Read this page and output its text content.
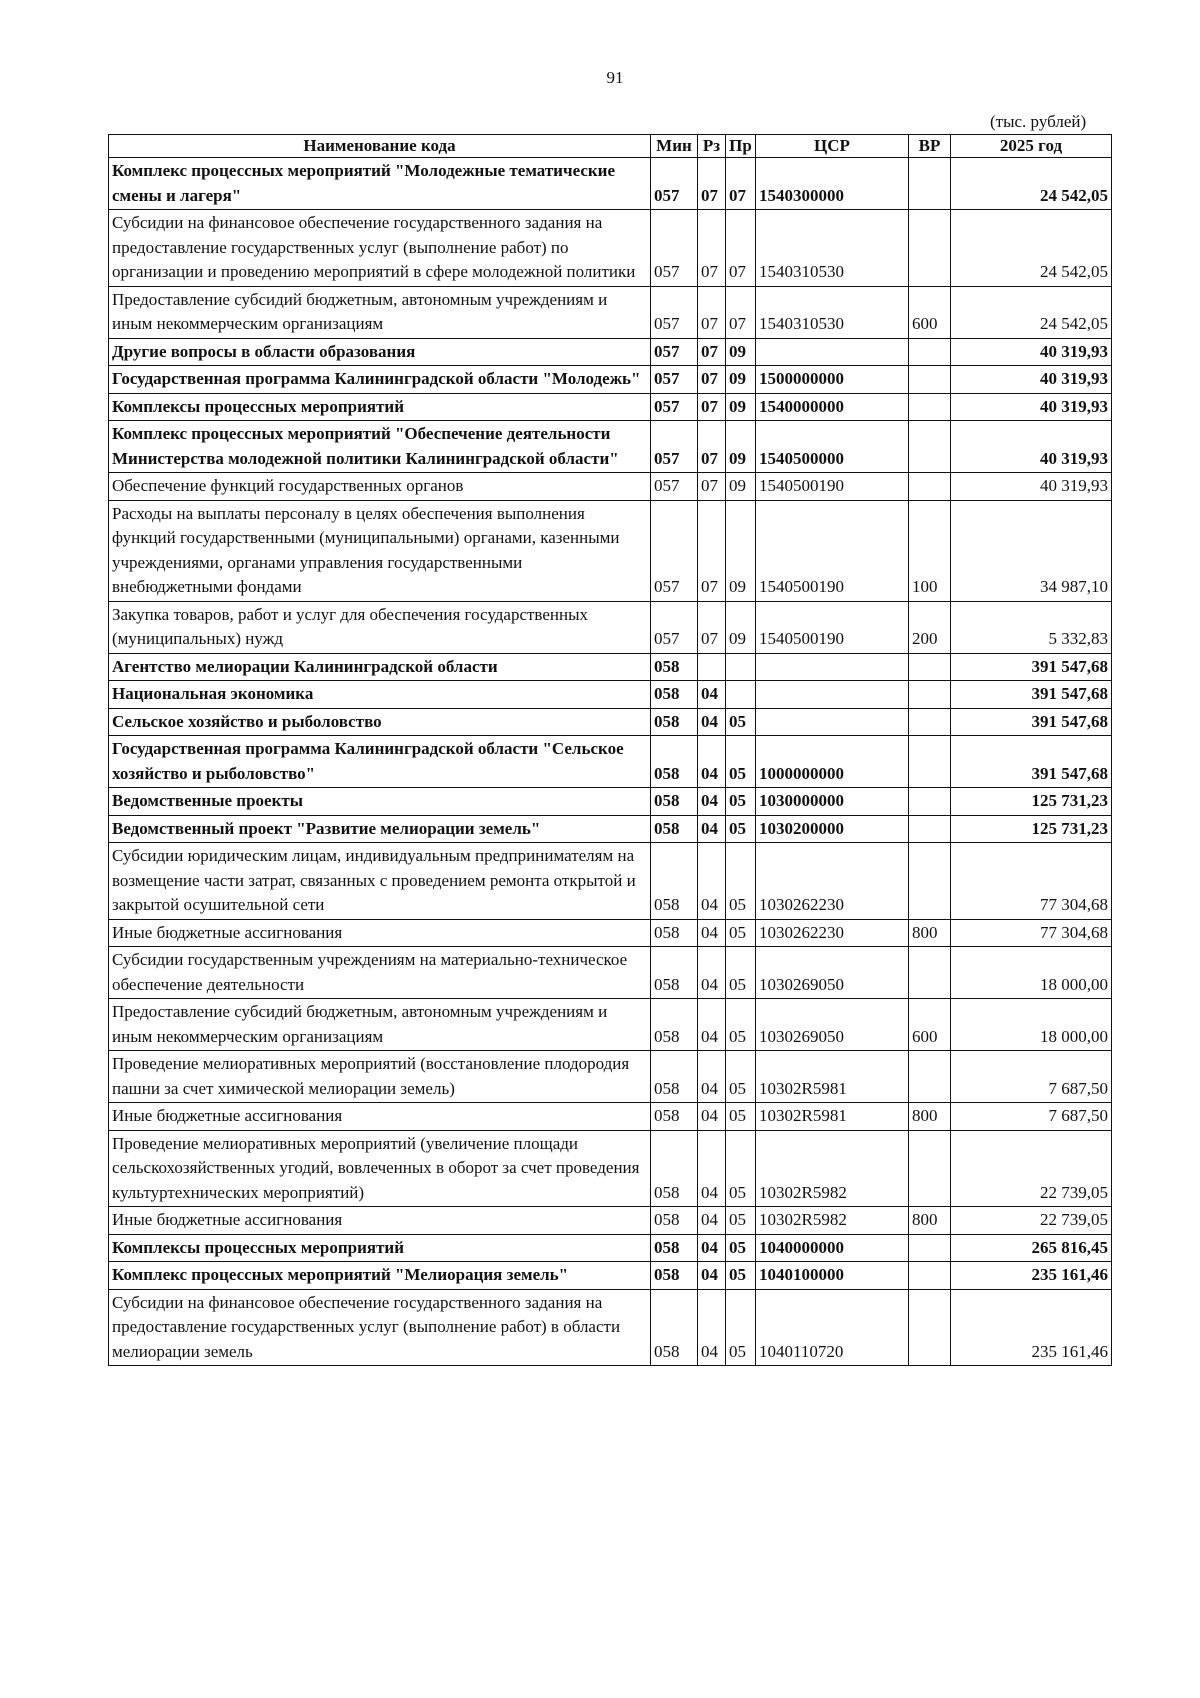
91
(тыс. рублей)
Наименование кода	Мин	Рз	Пр	ЦСР	ВР	2025 год
Комплекс процессных мероприятий "Молодежные тематические смены и лагеря"	057	07	07	1540300000		24 542,05
Субсидии на финансовое обеспечение государственного задания на предоставление государственных услуг (выполнение работ) по организации и проведению мероприятий в сфере молодежной политики	057	07	07	1540310530		24 542,05
Предоставление субсидий бюджетным, автономным учреждениям и иным некоммерческим организациям	057	07	07	1540310530	600	24 542,05
Другие вопросы в области образования	057	07	09			40 319,93
Государственная программа Калининградской области "Молодежь"	057	07	09	1500000000		40 319,93
Комплексы процессных мероприятий	057	07	09	1540000000		40 319,93
Комплекс процессных мероприятий "Обеспечение деятельности Министерства молодежной политики Калининградской области"	057	07	09	1540500000		40 319,93
Обеспечение функций государственных органов	057	07	09	1540500190		40 319,93
Расходы на выплаты персоналу в целях обеспечения выполнения функций государственными (муниципальными) органами, казенными учреждениями, органами управления государственными внебюджетными фондами	057	07	09	1540500190	100	34 987,10
Закупка товаров, работ и услуг для обеспечения государственных (муниципальных) нужд	057	07	09	1540500190	200	5 332,83
Агентство мелиорации Калининградской области	058					391 547,68
Национальная экономика	058	04				391 547,68
Сельское хозяйство и рыболовство	058	04	05			391 547,68
Государственная программа Калининградской области "Сельское хозяйство и рыболовство"	058	04	05	1000000000		391 547,68
Ведомственные проекты	058	04	05	1030000000		125 731,23
Ведомственный проект "Развитие мелиорации земель"	058	04	05	1030200000		125 731,23
Субсидии юридическим лицам, индивидуальным предпринимателям на возмещение части затрат, связанных с проведением ремонта открытой и закрытой осушительной сети	058	04	05	1030262230		77 304,68
Иные бюджетные ассигнования	058	04	05	1030262230	800	77 304,68
Субсидии государственным учреждениям на материально-техническое обеспечение деятельности	058	04	05	1030269050		18 000,00
Предоставление субсидий бюджетным, автономным учреждениям и иным некоммерческим организациям	058	04	05	1030269050	600	18 000,00
Проведение мелиоративных мероприятий (восстановление плодородия пашни за счет химической мелиорации земель)	058	04	05	10302R5981		7 687,50
Иные бюджетные ассигнования	058	04	05	10302R5981	800	7 687,50
Проведение мелиоративных мероприятий (увеличение площади сельскохозяйственных угодий, вовлеченных в оборот за счет проведения культуртехнических мероприятий)	058	04	05	10302R5982		22 739,05
Иные бюджетные ассигнования	058	04	05	10302R5982	800	22 739,05
Комплексы процессных мероприятий	058	04	05	1040000000		265 816,45
Комплекс процессных мероприятий "Мелиорация земель"	058	04	05	1040100000		235 161,46
Субсидии на финансовое обеспечение государственного задания на предоставление государственных услуг (выполнение работ) в области мелиорации земель	058	04	05	1040110720		235 161,46
